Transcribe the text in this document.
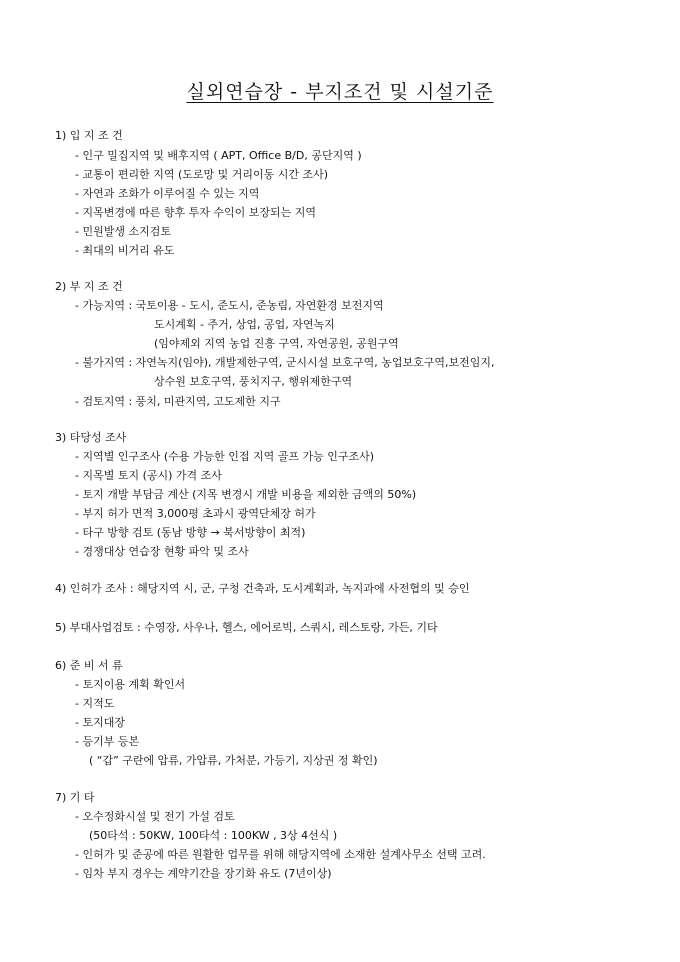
실외연습장 - 부지조건 및 시설기준
1) 입 지 조 건
- 인구 밀집지역 및 배후지역 ( APT, Office B/D, 공단지역 )
- 교통이 편리한 지역 (도로망 및 거리이동 시간 조사)
- 자연과 조화가 이루어질 수 있는 지역
- 지목변경에 따른 향후 투자 수익이 보장되는 지역
- 민원발생 소지검토
- 최대의 비거리 유도
2) 부 지 조 건
- 가능지역 : 국토이용 - 도시, 준도시, 준농림, 자연환경 보전지역
도시계획 - 주거, 상업, 공업, 자연녹지
(임야제외 지역 농업 진흥 구역, 자연공원, 공원구역
- 불가지역 : 자연녹지(임야), 개발제한구역, 군시시설 보호구역, 농업보호구역,보전임지,
상수원 보호구역, 풍치지구, 행위제한구역
- 검토지역 : 풍치, 미관지역, 고도제한 지구
3) 타당성 조사
- 지역별 인구조사 (수용 가능한 인접 지역 골프 가능 인구조사)
- 지목별 토지 (공시) 가격 조사
- 토지 개발 부담금 계산 (지목 변경시 개발 비용을 제외한 금액의 50%)
- 부지 허가 면적 3,000평 초과시 광역단체장 허가
- 타구 방향 검토 (동남 방향 → 북서방향이 최적)
- 경쟁대상 연습장 현황 파악 및 조사
4) 인허가 조사 : 해당지역 시, 군, 구청 건축과, 도시계획과, 녹지과에 사전협의 및 승인
5) 부대사업검토 : 수영장, 사우나, 헬스, 에어로빅, 스쿼시, 레스토랑, 가든, 기타
6) 준 비 서 류
- 토지이용 계획 확인서
- 지적도
- 토지대장
- 등기부 등본
( “갑” 구란에 압류, 가압류, 가처분, 가등기, 지상권 정 확인)
7) 기 타
- 오수정화시설 및 전기 가설 검토
(50타석 : 50KW, 100타석 : 100KW , 3상 4선식 )
- 인허가 및 준공에 따른 원활한 업무를 위해 해당지역에 소재한 설계사무소 선택 고려.
- 임차 부지 경우는 계약기간을 장기화 유도 (7년이상)
